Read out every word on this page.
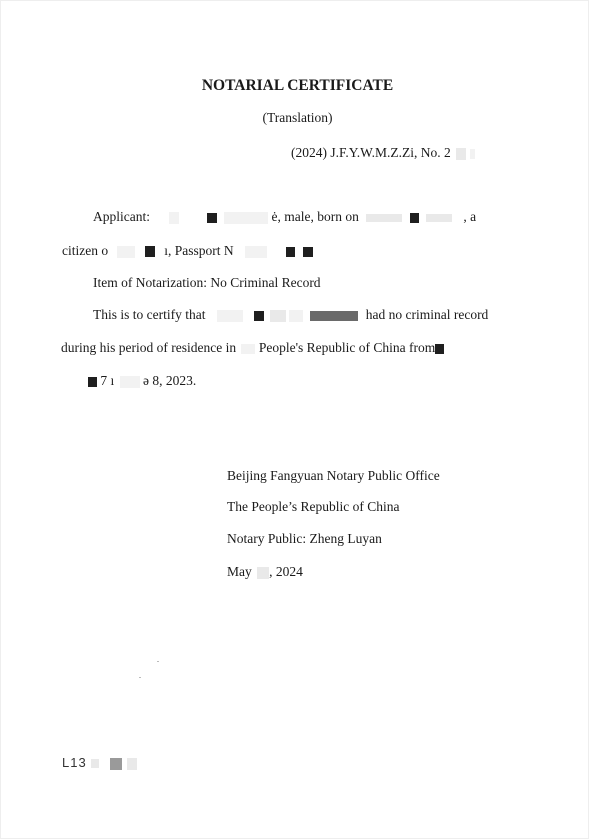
NOTARIAL CERTIFICATE
(Translation)
(2024) J.F.Y.W.M.Z.Zi, No. 2
Applicant:	ė, male, born on	, a
citizen o	ı, Passport N
Item of Notarization: No Criminal Record
This is to certify that	had no criminal record
during his period of residence in People's Republic of China from
7 ı ə 8, 2023.
Beijing Fangyuan Notary Public Office
The People’s Republic of China
Notary Public: Zheng Luyan
May , 2024
L13
